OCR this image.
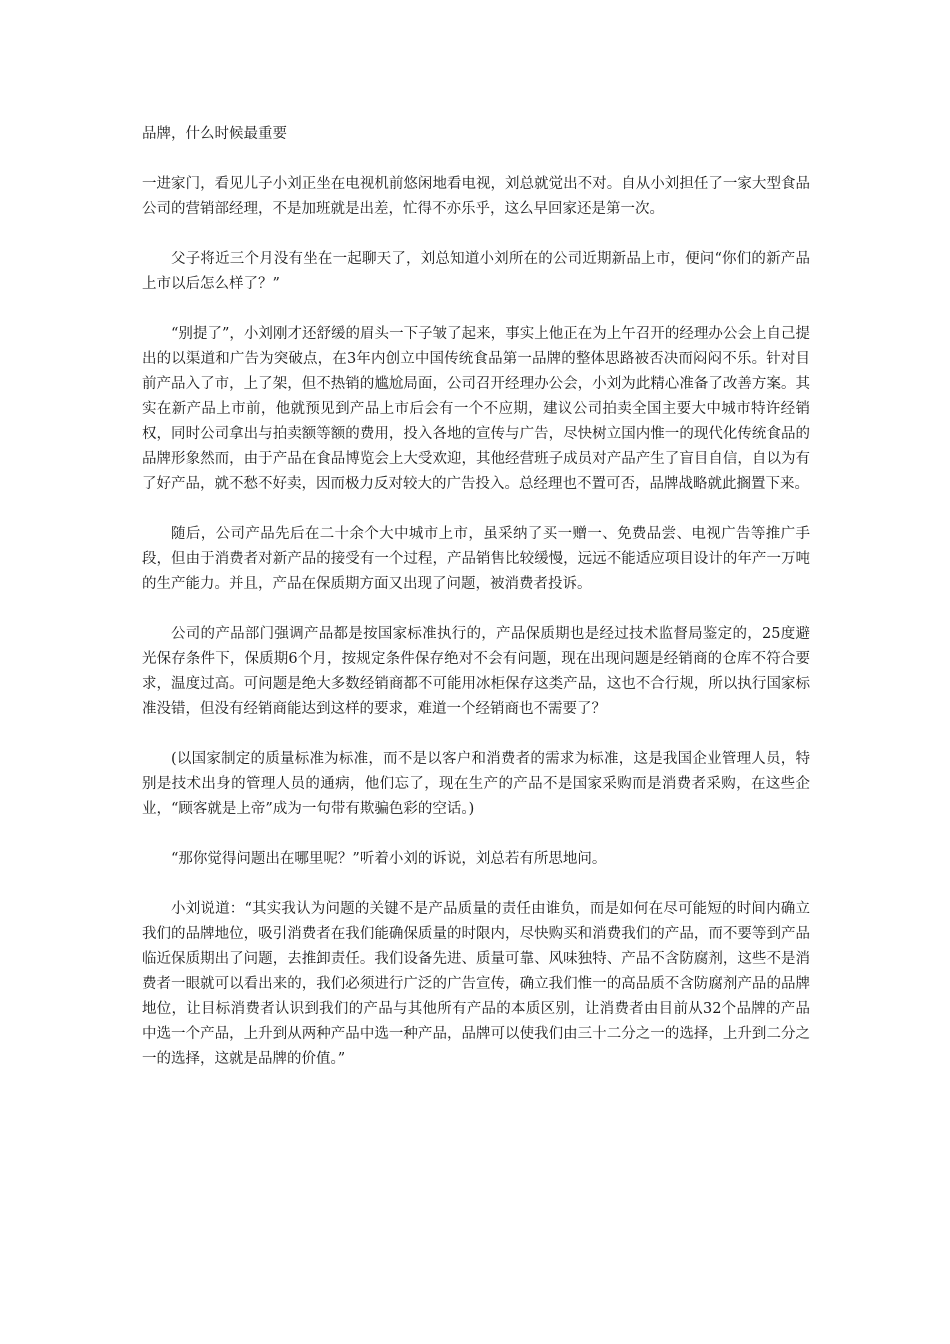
品牌，什么时候最重要

一进家门，看见儿子小刘正坐在电视机前悠闲地看电视，刘总就觉出不对。自从小刘担任了一家大型食品公司的营销部经理，不是加班就是出差，忙得不亦乐乎，这么早回家还是第一次。

父子将近三个月没有坐在一起聊天了，刘总知道小刘所在的公司近期新品上市，便问“你们的新产品上市以后怎么样了？”

“别提了”，小刘刚才还舒缓的眉头一下子皱了起来，事实上他正在为上午召开的经理办公会上自己提出的以渠道和广告为突破点，在3年内创立中国传统食品第一品牌的整体思路被否决而闷闷不乐。针对目前产品入了市，上了架，但不热销的尴尬局面，公司召开经理办公会，小刘为此精心准备了改善方案。其实在新产品上市前，他就预见到产品上市后会有一个不应期，建议公司拍卖全国主要大中城市特许经销权，同时公司拿出与拍卖额等额的费用，投入各地的宣传与广告，尽快树立国内惟一的现代化传统食品的品牌形象然而，由于产品在食品博览会上大受欢迎，其他经营班子成员对产品产生了盲目自信，自以为有了好产品，就不愁不好卖，因而极力反对较大的广告投入。总经理也不置可否，品牌战略就此搁置下来。

随后，公司产品先后在二十余个大中城市上市，虽采纳了买一赠一、免费品尝、电视广告等推广手段，但由于消费者对新产品的接受有一个过程，产品销售比较缓慢，远远不能适应项目设计的年产一万吨的生产能力。并且，产品在保质期方面又出现了问题，被消费者投诉。

公司的产品部门强调产品都是按国家标准执行的，产品保质期也是经过技术监督局鉴定的，25度避光保存条件下，保质期6个月，按规定条件保存绝对不会有问题，现在出现问题是经销商的仓库不符合要求，温度过高。可问题是绝大多数经销商都不可能用冰柜保存这类产品，这也不合行规，所以执行国家标准没错，但没有经销商能达到这样的要求，难道一个经销商也不需要了？

(以国家制定的质量标准为标准，而不是以客户和消费者的需求为标准，这是我国企业管理人员，特别是技术出身的管理人员的通病，他们忘了，现在生产的产品不是国家采购而是消费者采购，在这些企业，“顾客就是上帝”成为一句带有欺骗色彩的空话。)

“那你觉得问题出在哪里呢？”听着小刘的诉说，刘总若有所思地问。

小刘说道：“其实我认为问题的关键不是产品质量的责任由谁负，而是如何在尽可能短的时间内确立我们的品牌地位，吸引消费者在我们能确保质量的时限内，尽快购买和消费我们的产品，而不要等到产品临近保质期出了问题，去推卸责任。我们设备先进、质量可靠、风味独特、产品不含防腐剂，这些不是消费者一眼就可以看出来的，我们必须进行广泛的广告宣传，确立我们惟一的高品质不含防腐剂产品的品牌地位，让目标消费者认识到我们的产品与其他所有产品的本质区别，让消费者由目前从32个品牌的产品中选一个产品，上升到从两种产品中选一种产品，品牌可以使我们由三十二分之一的选择，上升到二分之一的选择，这就是品牌的价值。”
